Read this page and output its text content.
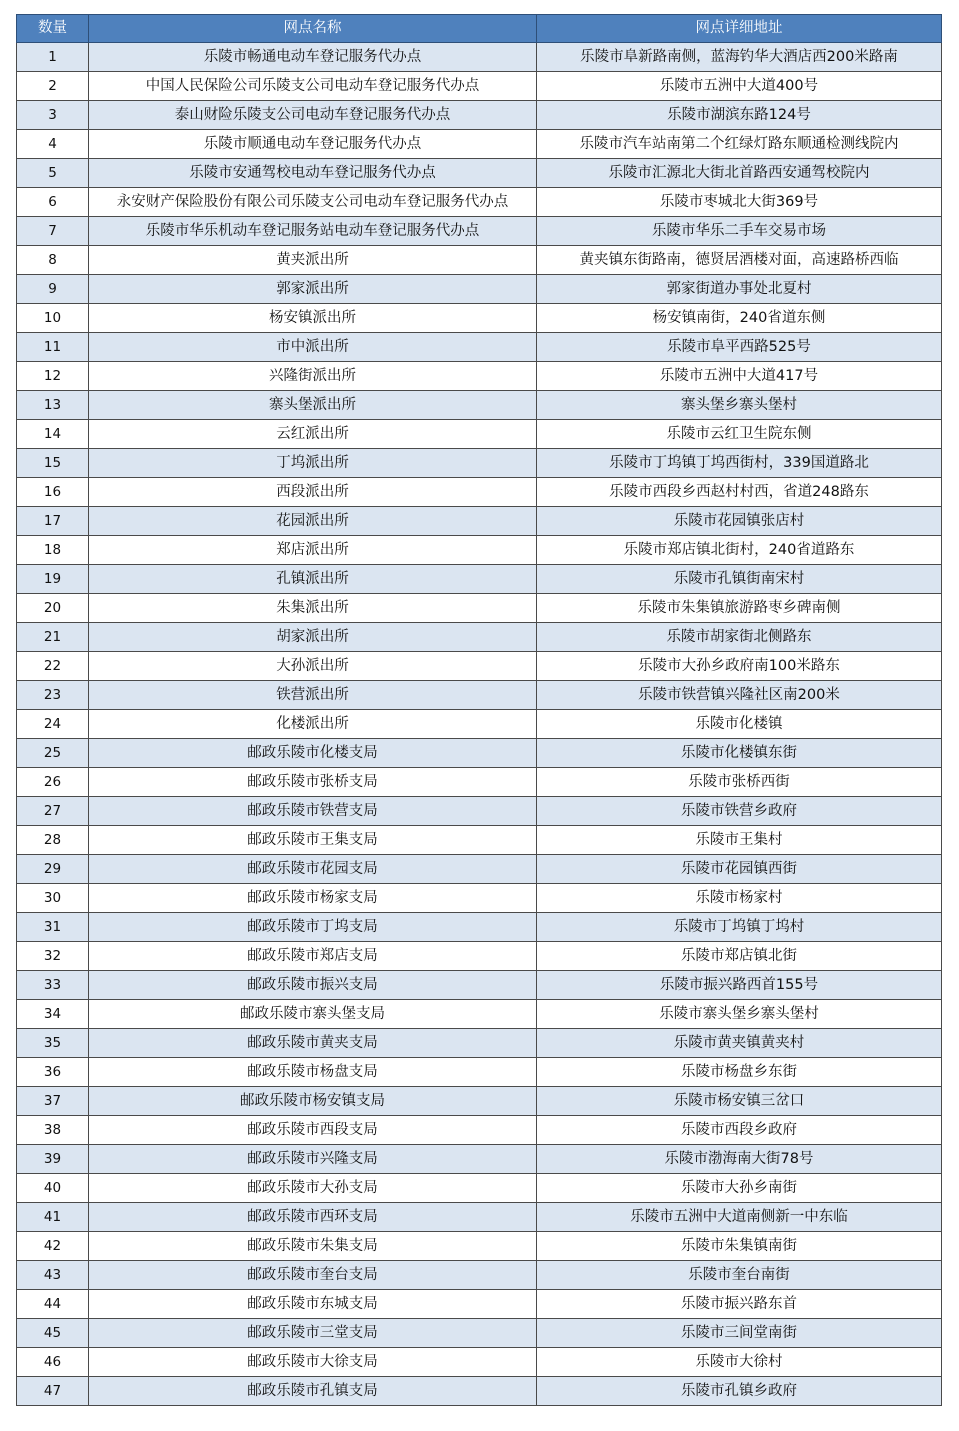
数量	网点名称	网点详细地址
1	乐陵市畅通电动车登记服务代办点	乐陵市阜新路南侧，蓝海钓华大酒店西200米路南
2	中国人民保险公司乐陵支公司电动车登记服务代办点	乐陵市五洲中大道400号
3	泰山财险乐陵支公司电动车登记服务代办点	乐陵市湖滨东路124号
4	乐陵市顺通电动车登记服务代办点	乐陵市汽车站南第二个红绿灯路东顺通检测线院内
5	乐陵市安通驾校电动车登记服务代办点	乐陵市汇源北大街北首路西安通驾校院内
6	永安财产保险股份有限公司乐陵支公司电动车登记服务代办点	乐陵市枣城北大街369号
7	乐陵市华乐机动车登记服务站电动车登记服务代办点	乐陵市华乐二手车交易市场
8	黄夹派出所	黄夹镇东街路南，德贤居酒楼对面，高速路桥西临
9	郭家派出所	郭家街道办事处北夏村
10	杨安镇派出所	杨安镇南街，240省道东侧
11	市中派出所	乐陵市阜平西路525号
12	兴隆街派出所	乐陵市五洲中大道417号
13	寨头堡派出所	寨头堡乡寨头堡村
14	云红派出所	乐陵市云红卫生院东侧
15	丁坞派出所	乐陵市丁坞镇丁坞西街村，339国道路北
16	西段派出所	乐陵市西段乡西赵村村西，省道248路东
17	花园派出所	乐陵市花园镇张店村
18	郑店派出所	乐陵市郑店镇北街村，240省道路东
19	孔镇派出所	乐陵市孔镇街南宋村
20	朱集派出所	乐陵市朱集镇旅游路枣乡碑南侧
21	胡家派出所	乐陵市胡家街北侧路东
22	大孙派出所	乐陵市大孙乡政府南100米路东
23	铁营派出所	乐陵市铁营镇兴隆社区南200米
24	化楼派出所	乐陵市化楼镇
25	邮政乐陵市化楼支局	乐陵市化楼镇东街
26	邮政乐陵市张桥支局	乐陵市张桥西街
27	邮政乐陵市铁营支局	乐陵市铁营乡政府
28	邮政乐陵市王集支局	乐陵市王集村
29	邮政乐陵市花园支局	乐陵市花园镇西街
30	邮政乐陵市杨家支局	乐陵市杨家村
31	邮政乐陵市丁坞支局	乐陵市丁坞镇丁坞村
32	邮政乐陵市郑店支局	乐陵市郑店镇北街
33	邮政乐陵市振兴支局	乐陵市振兴路西首155号
34	邮政乐陵市寨头堡支局	乐陵市寨头堡乡寨头堡村
35	邮政乐陵市黄夹支局	乐陵市黄夹镇黄夹村
36	邮政乐陵市杨盘支局	乐陵市杨盘乡东街
37	邮政乐陵市杨安镇支局	乐陵市杨安镇三岔口
38	邮政乐陵市西段支局	乐陵市西段乡政府
39	邮政乐陵市兴隆支局	乐陵市渤海南大街78号
40	邮政乐陵市大孙支局	乐陵市大孙乡南街
41	邮政乐陵市西环支局	乐陵市五洲中大道南侧新一中东临
42	邮政乐陵市朱集支局	乐陵市朱集镇南街
43	邮政乐陵市奎台支局	乐陵市奎台南街
44	邮政乐陵市东城支局	乐陵市振兴路东首
45	邮政乐陵市三堂支局	乐陵市三间堂南街
46	邮政乐陵市大徐支局	乐陵市大徐村
47	邮政乐陵市孔镇支局	乐陵市孔镇乡政府
